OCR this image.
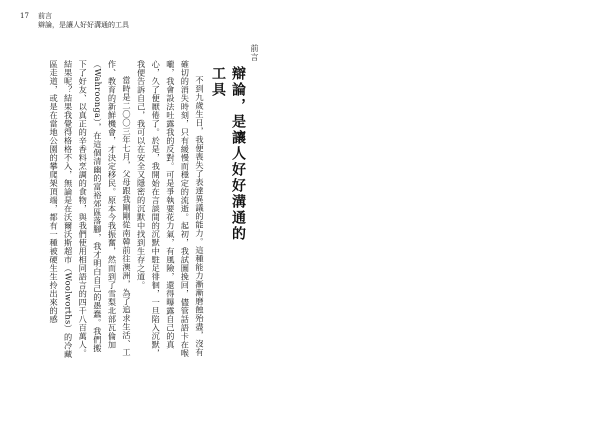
17 前言
辯論，是讓人好好溝通的工具
前言
辯論，是讓人好好溝通的工具

不到九歲生日，我便喪失了表達異議的能力。這種能力漸漸磨蝕殆盡，沒有確切的消失時刻，只有緩慢而穩定的流逝。起初，我試圖挽回，儘管話語卡在喉嚨，我會設法吐露我的反對。可是爭執要花力氣，有風險，還得曝露自己的真心，久了便厭倦了。於是，我開始在言談間的沉默中駐足徘徊，一旦陷入沉默，我便告訴自己，我可以在安全又隱密的沉默中找到生存之道。

當時是二〇〇三年七月，父母跟我剛剛從南韓前往澳洲，為了追求生活、工作、教育的新鮮機會，才決定移民。原本今我振奮，然而到了雪梨北部瓦倫加（Wahroonga），在這個清幽的富裕郊區落腳，我才明白自己的愚蠢。我們搬下了好友、以真正的辛香料烹調的食物，與我們使用相同語言的四千八百萬人。結果呢？結果我覺得格格不入，無論是在沃爾沃斯超市（Woolworths）的冷藏區走道，或是在當地公園的攀爬架頂端，都有一種被硬生生拎出來的感
